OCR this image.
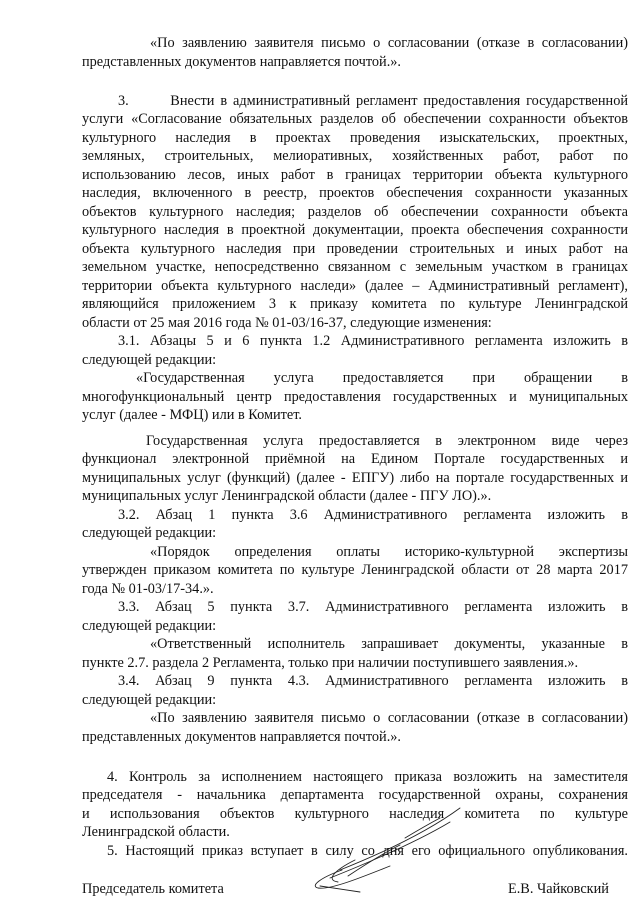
«По заявлению заявителя письмо о согласовании (отказе в согласовании)
представленных документов направляется почтой.».
3.       Внести в административный регламент предоставления государственной
услуги «Согласование обязательных разделов об обеспечении сохранности объектов
культурного наследия в проектах проведения изыскательских, проектных,
земляных, строительных, мелиоративных, хозяйственных работ, работ по
использованию лесов, иных работ в границах территории объекта культурного
наследия, включенного в реестр, проектов обеспечения сохранности указанных
объектов культурного наследия; разделов об обеспечении сохранности объекта
культурного наследия в проектной документации, проекта обеспечения сохранности
объекта культурного наследия при проведении строительных и иных работ на
земельном участке, непосредственно связанном с земельным участком в границах
территории объекта культурного наследи» (далее – Административный регламент),
являющийся приложением 3 к приказу комитета по культуре Ленинградской
области от 25 мая 2016 года № 01-03/16-37, следующие изменения:
3.1. Абзацы 5 и 6 пункта 1.2 Административного регламента изложить в
следующей редакции:
«Государственная услуга предоставляется при обращении в
многофункциональный центр предоставления государственных и муниципальных
услуг (далее - МФЦ) или в Комитет.
Государственная услуга предоставляется в электронном виде через
функционал электронной приёмной на Едином Портале государственных и
муниципальных услуг (функций) (далее - ЕПГУ) либо на портале государственных и
муниципальных услуг Ленинградской области (далее - ПГУ ЛО).».
3.2. Абзац 1 пункта 3.6 Административного регламента изложить в
следующей редакции:
«Порядок определения оплаты историко-культурной экспертизы
утвержден приказом комитета по культуре Ленинградской области от 28 марта 2017
года № 01-03/17-34.».
3.3. Абзац 5 пункта 3.7. Административного регламента изложить в
следующей редакции:
«Ответственный исполнитель запрашивает документы, указанные в
пункте 2.7. раздела 2 Регламента, только при наличии поступившего заявления.».
3.4. Абзац 9 пункта 4.3. Административного регламента изложить в
следующей редакции:
«По заявлению заявителя письмо о согласовании (отказе в согласовании)
представленных документов направляется почтой.».
4. Контроль за исполнением настоящего приказа возложить на заместителя
председателя - начальника департамента государственной охраны, сохранения
и использования объектов культурного наследия комитета по культуре
Ленинградской области.
5. Настоящий приказ вступает в силу со дня его официального опубликования.
Председатель комитета	Е.В. Чайковский
